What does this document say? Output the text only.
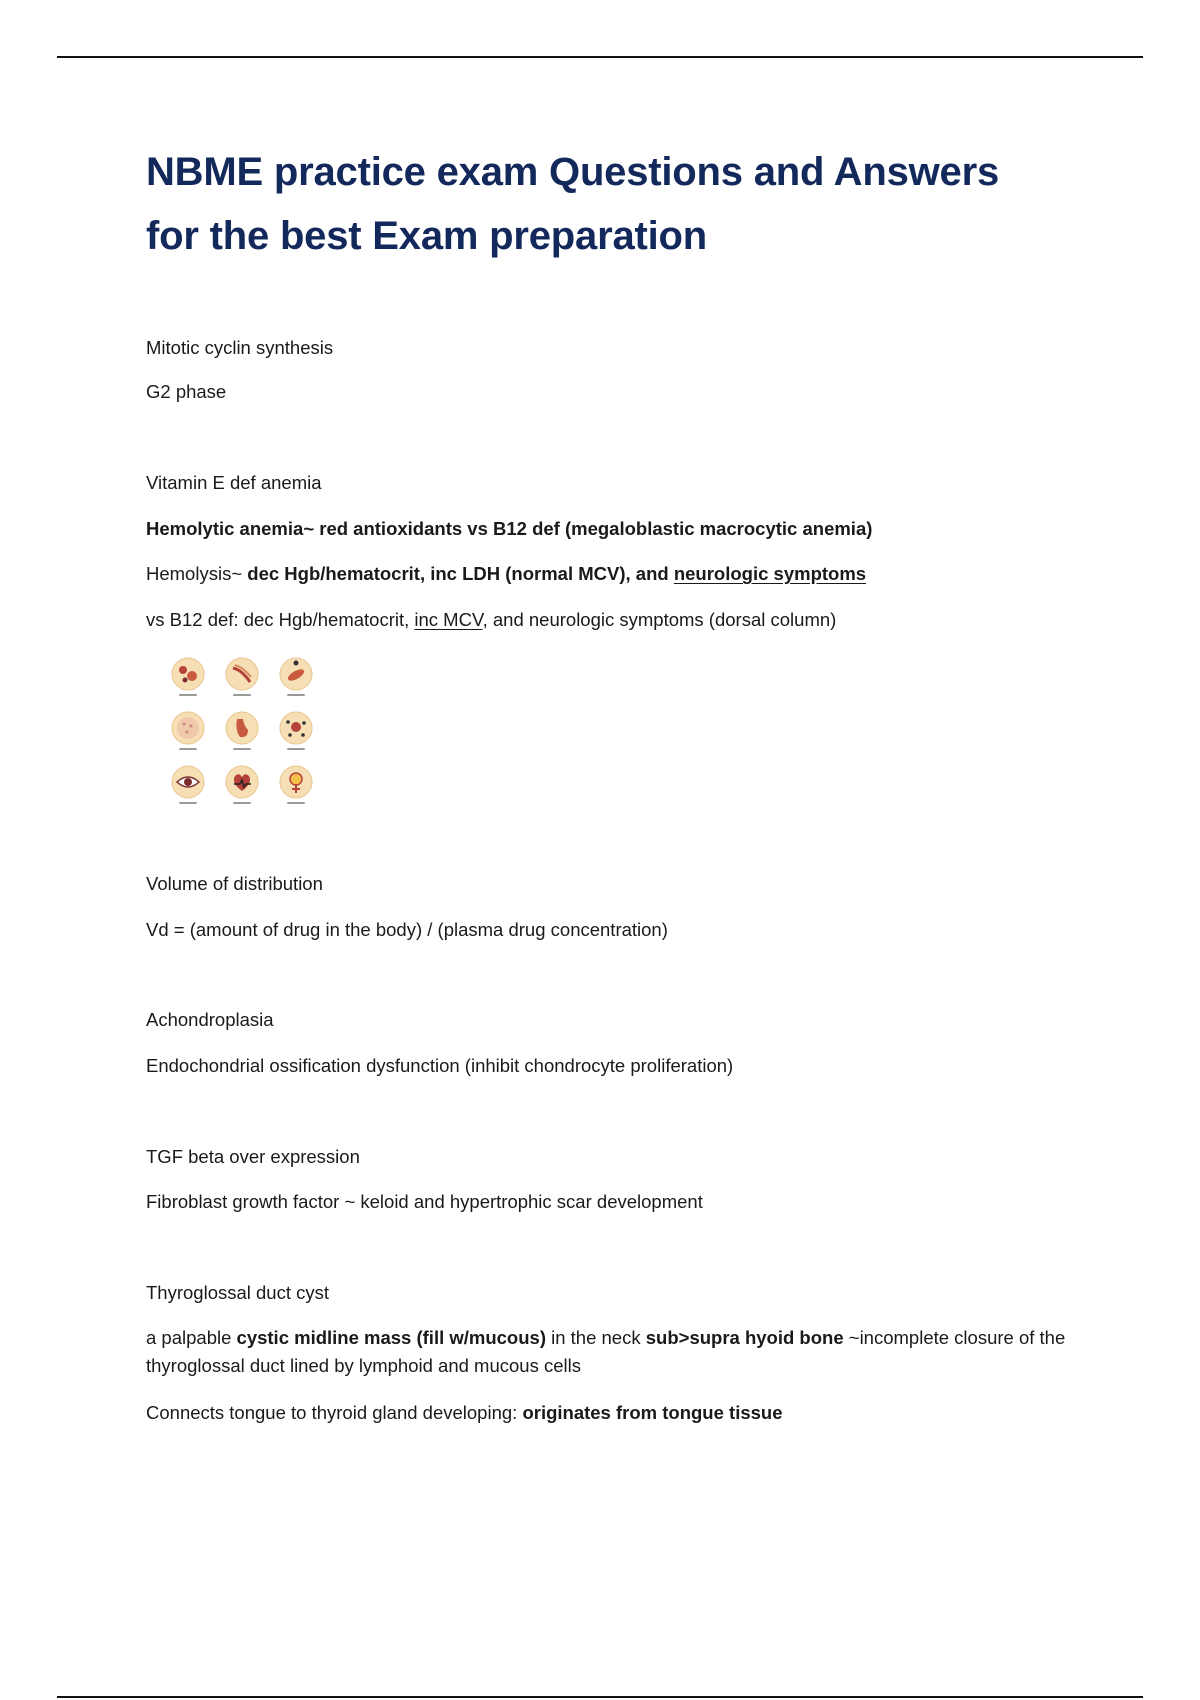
NBME practice exam Questions and Answers
for the best Exam preparation

Mitotic cyclin synthesis

G2 phase

Vitamin E def anemia

Hemolytic anemia~ red antioxidants vs B12 def (megaloblastic macrocytic anemia)

Hemolysis~ dec Hgb/hematocrit, inc LDH (normal MCV), and neurologic symptoms

vs B12 def: dec Hgb/hematocrit, inc MCV, and neurologic symptoms (dorsal column)

Volume of distribution

Vd = (amount of drug in the body) / (plasma drug concentration)

Achondroplasia

Endochondrial ossification dysfunction (inhibit chondrocyte proliferation)

TGF beta over expression

Fibroblast growth factor ~ keloid and hypertrophic scar development

Thyroglossal duct cyst

a palpable cystic midline mass (fill w/mucous) in the neck sub>supra hyoid bone ~incomplete closure of the thyroglossal duct lined by lymphoid and mucous cells

Connects tongue to thyroid gland developing: originates from tongue tissue
